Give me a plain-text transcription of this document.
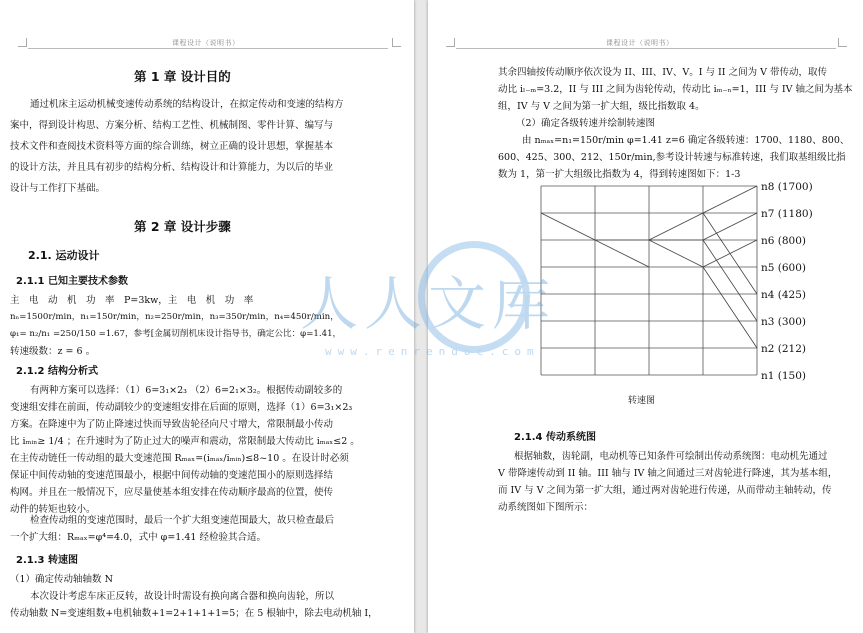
课程设计（说明书）
第 1 章 设计目的
通过机床主运动机械变速传动系统的结构设计，在拟定传动和变速的结构方
案中，得到设计构思、方案分析、结构工艺性、机械制图、零件计算、编写与
技术文件和查阅技术资料等方面的综合训练，树立正确的设计思想，掌握基本
的设计方法，并且具有初步的结构分析、结构设计和计算能力，为以后的毕业
设计与工作打下基础。
第 2 章 设计步骤
2.1. 运动设计
2.1.1 已知主要技术参数
主　电　动　机　功　率　P=3kw，主　电　机　功　率
nₙ=1500r/min，n₁=150r/min，n₂=250r/min，n₃=350r/min，n₄=450r/min，
φ₁= n₂/n₁ =250/150 =1.67，参考[金属切削机床设计指导书，确定公比：φ=1.41，
转速级数：z = 6 。
2.1.2 结构分析式
有两种方案可以选择：（1）6=3₁×2₃ （2）6=2₁×3₂。根据传动副较多的
变速组安排在前面，传动副较少的变速组安排在后面的原则，选择（1）6=3₁×2₃
方案。在降速中为了防止降速过快而导致齿轮径向尺寸增大，常限制最小传动
比 iₘᵢₙ≥ 1/4 ；在升速时为了防止过大的噪声和震动，常限制最大传动比 iₘₐₓ≤2 。
在主传动链任一传动组的最大变速范围 Rₘₐₓ=(iₘₐₓ/iₘᵢₙ)≤8~10 。在设计时必须
保证中间传动轴的变速范围最小，根据中间传动轴的变速范围小的原则选择结
构网。并且在一般情况下，应尽量使基本组安排在传动顺序最高的位置，使传
动件的转矩也较小。
检查传动组的变速范围时，最后一个扩大组变速范围最大，故只检查最后
一个扩大组：Rₘₐₓ=φ⁴=4.0，式中 φ=1.41 经检验其合适。
2.1.3 转速图
（1）确定传动轴轴数 N
本次设计考虑车床正反转，故设计时需设有换向离合器和换向齿轮，所以
传动轴数 N=变速组数+电机轴数+1=2+1+1+1=5；在 5 根轴中，除去电动机轴 I，
课程设计（说明书）
其余四轴按传动顺序依次设为 II、III、IV、V。I 与 II 之间为 V 带传动，取传
动比 iₗ₋ₘ=3.2，II 与 III 之间为齿轮传动，传动比 iₘ₋ₙ=1，III 与 IV 轴之间为基本
组，IV 与 V 之间为第一扩大组，级比指数取 4。
（2）确定各级转速并绘制转速图
由 nₘₐₓ=n₁=150r/min φ=1.41 z=6 确定各级转速：1700、1180、800、
600、425、300、212、150r/min,参考设计转速与标准转速，我们取基组级比指
数为 1，第一扩大组级比指数为 4，得到转速图如下：1-3
n8 (1700)
n7 (1180)
n6 (800)
n5 (600)
n4 (425)
n3 (300)
n2 (212)
n1 (150)
转速图
2.1.4 传动系统图
根据轴数，齿轮副，电动机等已知条件可绘制出传动系统图：电动机先通过
V 带降速传动到 II 轴。III 轴与 IV 轴之间通过三对齿轮进行降速，其为基本组，
而 IV 与 V 之间为第一扩大组，通过两对齿轮进行传递，从而带动主轴转动，传
动系统图如下图所示：
人人文库
www.renrendoc.com
